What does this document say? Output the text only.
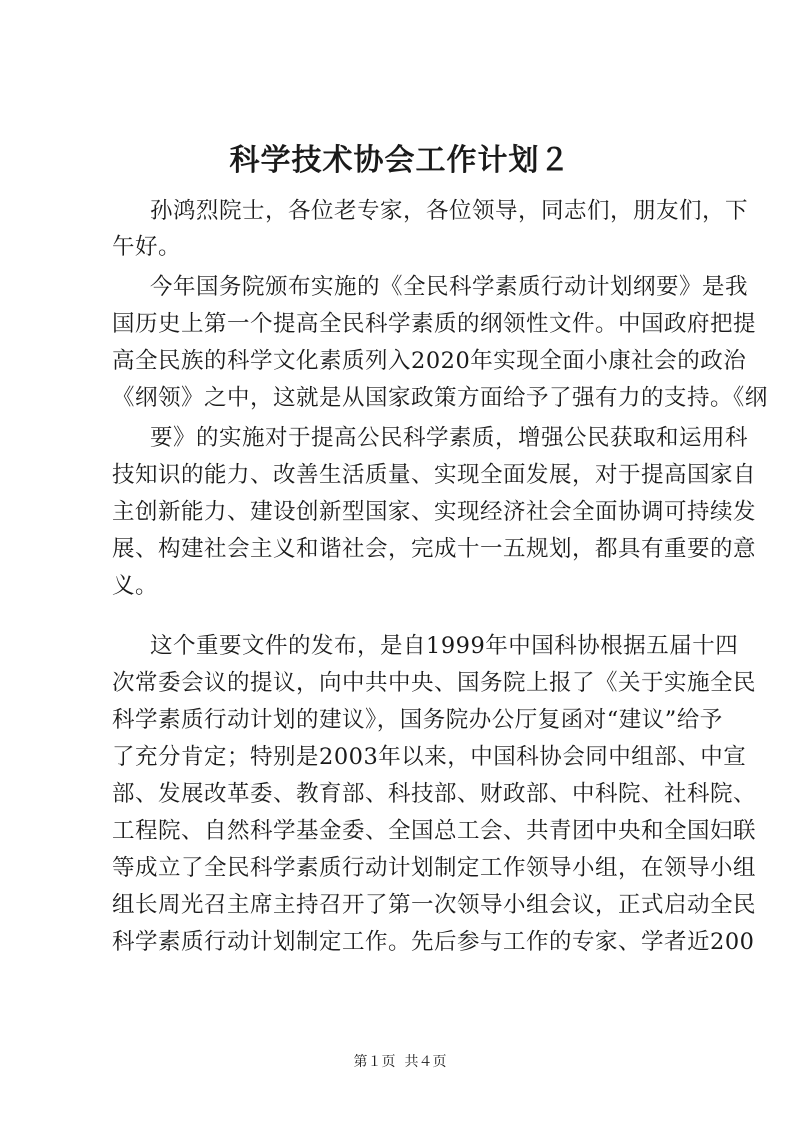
科学技术协会工作计划２
孙鸿烈院士，各位老专家，各位领导，同志们，朋友们，下
午好。
今年国务院颁布实施的《全民科学素质行动计划纲要》是我
国历史上第一个提高全民科学素质的纲领性文件。中国政府把提
高全民族的科学文化素质列入2020年实现全面小康社会的政治
《纲领》之中，这就是从国家政策方面给予了强有力的支持。《纲
要》的实施对于提高公民科学素质，增强公民获取和运用科
技知识的能力、改善生活质量、实现全面发展，对于提高国家自
主创新能力、建设创新型国家、实现经济社会全面协调可持续发
展、构建社会主义和谐社会，完成十一五规划，都具有重要的意
义。
这个重要文件的发布，是自1999年中国科协根据五届十四
次常委会议的提议，向中共中央、国务院上报了《关于实施全民
科学素质行动计划的建议》，国务院办公厅复函对“建议”给予
了充分肯定；特别是2003年以来，中国科协会同中组部、中宣
部、发展改革委、教育部、科技部、财政部、中科院、社科院、
工程院、自然科学基金委、全国总工会、共青团中央和全国妇联
等成立了全民科学素质行动计划制定工作领导小组，在领导小组
组长周光召主席主持召开了第一次领导小组会议，正式启动全民
科学素质行动计划制定工作。先后参与工作的专家、学者近200
第１页  共４页
